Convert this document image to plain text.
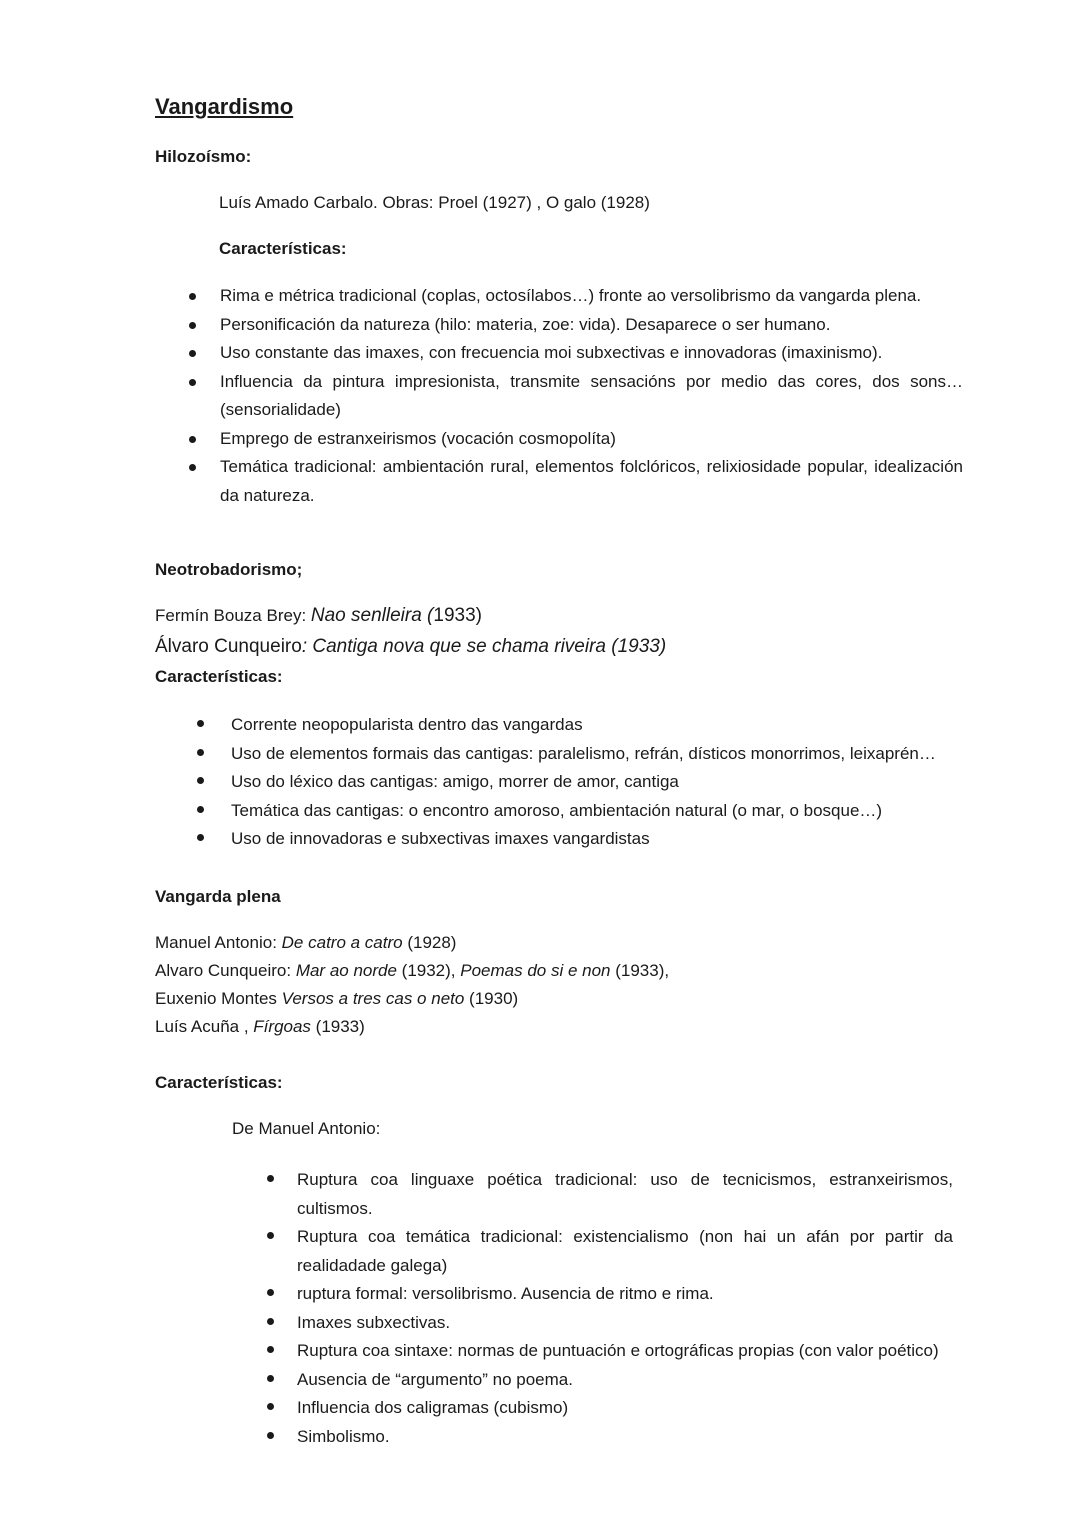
Vangardismo
Hilozoísmo:
Luís Amado Carbalo. Obras: Proel (1927) , O galo (1928)
Características:
Rima e métrica tradicional (coplas, octosílabos…) fronte ao versolibrismo da vangarda plena.
Personificación da natureza (hilo: materia, zoe: vida). Desaparece o ser humano.
Uso constante das imaxes, con frecuencia moi subxectivas e innovadoras (imaxinismo).
Influencia da pintura impresionista, transmite sensacións por medio das cores, dos sons… (sensorialidade)
Emprego de estranxeirismos (vocación cosmopolíta)
Temática tradicional: ambientación rural, elementos folclóricos, relixiosidade popular, idealización da natureza.
Neotrobadorismo;
Fermín Bouza Brey: Nao senlleira (1933)
Álvaro Cunqueiro: Cantiga nova que se chama riveira (1933)
Características:
Corrente neopopularista dentro das vangardas
Uso de elementos formais das cantigas: paralelismo, refrán, dísticos monorrimos, leixaprén…
Uso do léxico das cantigas: amigo, morrer de amor, cantiga
Temática das cantigas: o encontro amoroso, ambientación natural (o mar, o bosque…)
Uso de innovadoras e subxectivas imaxes vangardistas
Vangarda plena
Manuel Antonio: De catro a catro (1928)
Alvaro Cunqueiro: Mar ao norde (1932), Poemas do si e non (1933),
Euxenio Montes Versos a tres cas o neto (1930)
Luís Acuña , Fírgoas (1933)
Características:
De Manuel Antonio:
Ruptura coa linguaxe poética tradicional: uso de tecnicismos, estranxeirismos, cultismos.
Ruptura coa temática tradicional: existencialismo (non hai un afán por partir da realidadade galega)
ruptura formal: versolibrismo. Ausencia de ritmo e rima.
Imaxes subxectivas.
Ruptura coa sintaxe: normas de puntuación e ortográficas propias (con valor poético)
Ausencia de “argumento” no poema.
Influencia dos caligramas (cubismo)
Simbolismo.
